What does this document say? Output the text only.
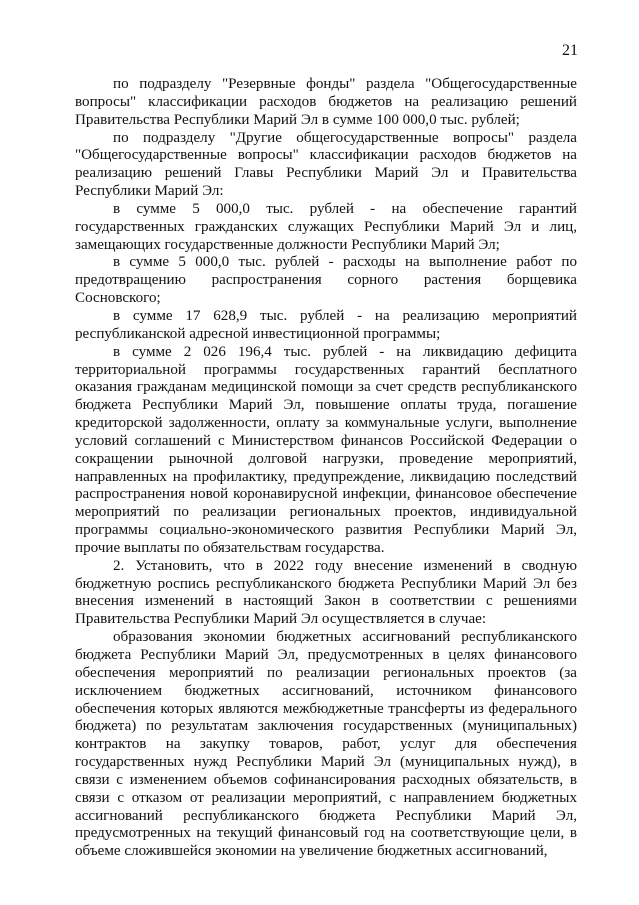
21

по подразделу "Резервные фонды" раздела "Общегосударственные вопросы" классификации расходов бюджетов на реализацию решений Правительства Республики Марий Эл в сумме 100 000,0 тыс. рублей;

по подразделу "Другие общегосударственные вопросы" раздела "Общегосударственные вопросы" классификации расходов бюджетов на реализацию решений Главы Республики Марий Эл и Правительства Республики Марий Эл:

в сумме 5 000,0 тыс. рублей - на обеспечение гарантий государственных гражданских служащих Республики Марий Эл и лиц, замещающих государственные должности Республики Марий Эл;

в сумме 5 000,0 тыс. рублей - расходы на выполнение работ по предотвращению распространения сорного растения борщевика Сосновского;

в сумме 17 628,9 тыс. рублей - на реализацию мероприятий республиканской адресной инвестиционной программы;

в сумме 2 026 196,4 тыс. рублей - на ликвидацию дефицита территориальной программы государственных гарантий бесплатного оказания гражданам медицинской помощи за счет средств республиканского бюджета Республики Марий Эл, повышение оплаты труда, погашение кредиторской задолженности, оплату за коммунальные услуги, выполнение условий соглашений с Министерством финансов Российской Федерации о сокращении рыночной долговой нагрузки, проведение мероприятий, направленных на профилактику, предупреждение, ликвидацию последствий распространения новой коронавирусной инфекции, финансовое обеспечение мероприятий по реализации региональных проектов, индивидуальной программы социально-экономического развития Республики Марий Эл, прочие выплаты по обязательствам государства.

2. Установить, что в 2022 году внесение изменений в сводную бюджетную роспись республиканского бюджета Республики Марий Эл без внесения изменений в настоящий Закон в соответствии с решениями Правительства Республики Марий Эл осуществляется в случае:

образования экономии бюджетных ассигнований республиканского бюджета Республики Марий Эл, предусмотренных в целях финансового обеспечения мероприятий по реализации региональных проектов (за исключением бюджетных ассигнований, источником финансового обеспечения которых являются межбюджетные трансферты из федерального бюджета) по результатам заключения государственных (муниципальных) контрактов на закупку товаров, работ, услуг для обеспечения государственных нужд Республики Марий Эл (муниципальных нужд), в связи с изменением объемов софинансирования расходных обязательств, в связи с отказом от реализации мероприятий, с направлением бюджетных ассигнований республиканского бюджета Республики Марий Эл, предусмотренных на текущий финансовый год на соответствующие цели, в объеме сложившейся экономии на увеличение бюджетных ассигнований,
